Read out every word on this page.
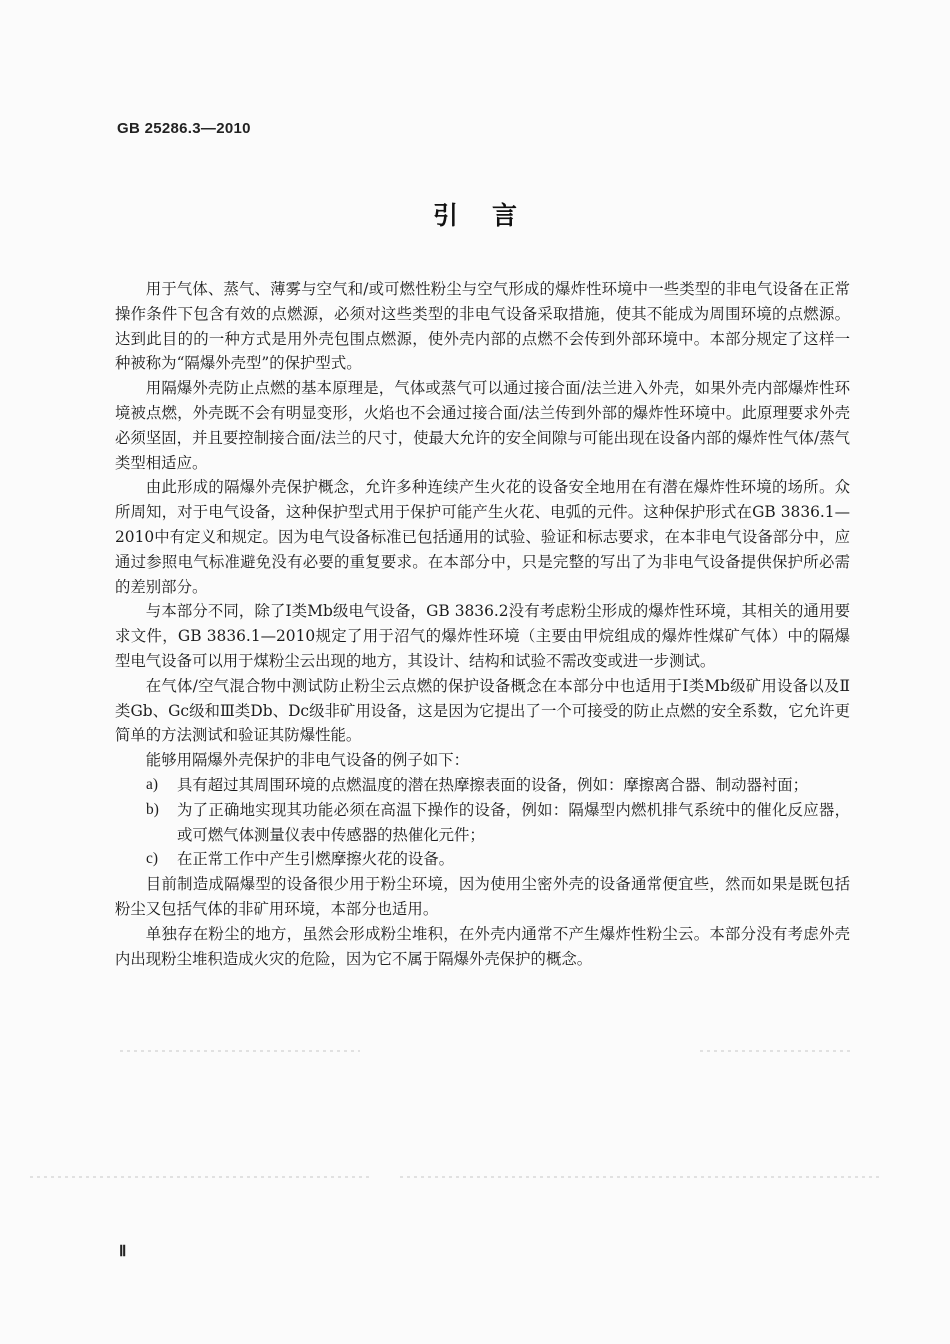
GB 25286.3—2010
引言

用于气体、蒸气、薄雾与空气和/或可燃性粉尘与空气形成的爆炸性环境中一些类型的非电气设备在正常操作条件下包含有效的点燃源，必须对这些类型的非电气设备采取措施，使其不能成为周围环境的点燃源。达到此目的的一种方式是用外壳包围点燃源，使外壳内部的点燃不会传到外部环境中。本部分规定了这样一种被称为“隔爆外壳型”的保护型式。

用隔爆外壳防止点燃的基本原理是，气体或蒸气可以通过接合面/法兰进入外壳，如果外壳内部爆炸性环境被点燃，外壳既不会有明显变形，火焰也不会通过接合面/法兰传到外部的爆炸性环境中。此原理要求外壳必须坚固，并且要控制接合面/法兰的尺寸，使最大允许的安全间隙与可能出现在设备内部的爆炸性气体/蒸气类型相适应。

由此形成的隔爆外壳保护概念，允许多种连续产生火花的设备安全地用在有潜在爆炸性环境的场所。众所周知，对于电气设备，这种保护型式用于保护可能产生火花、电弧的元件。这种保护形式在GB 3836.1—2010中有定义和规定。因为电气设备标准已包括通用的试验、验证和标志要求，在本非电气设备部分中，应通过参照电气标准避免没有必要的重复要求。在本部分中，只是完整的写出了为非电气设备提供保护所必需的差别部分。

与本部分不同，除了Ⅰ类Mb级电气设备，GB 3836.2没有考虑粉尘形成的爆炸性环境，其相关的通用要求文件，GB 3836.1—2010规定了用于沼气的爆炸性环境（主要由甲烷组成的爆炸性煤矿气体）中的隔爆型电气设备可以用于煤粉尘云出现的地方，其设计、结构和试验不需改变或进一步测试。

在气体/空气混合物中测试防止粉尘云点燃的保护设备概念在本部分中也适用于Ⅰ类Mb级矿用设备以及Ⅱ类Gb、Gc级和Ⅲ类Db、Dc级非矿用设备，这是因为它提出了一个可接受的防止点燃的安全系数，它允许更简单的方法测试和验证其防爆性能。

能够用隔爆外壳保护的非电气设备的例子如下：

a)	具有超过其周围环境的点燃温度的潜在热摩擦表面的设备，例如：摩擦离合器、制动器衬面；
b)	为了正确地实现其功能必须在高温下操作的设备，例如：隔爆型内燃机排气系统中的催化反应器，或可燃气体测量仪表中传感器的热催化元件；
c)	在正常工作中产生引燃摩擦火花的设备。

目前制造成隔爆型的设备很少用于粉尘环境，因为使用尘密外壳的设备通常便宜些，然而如果是既包括粉尘又包括气体的非矿用环境，本部分也适用。

单独存在粉尘的地方，虽然会形成粉尘堆积，在外壳内通常不产生爆炸性粉尘云。本部分没有考虑外壳内出现粉尘堆积造成火灾的危险，因为它不属于隔爆外壳保护的概念。

Ⅱ
